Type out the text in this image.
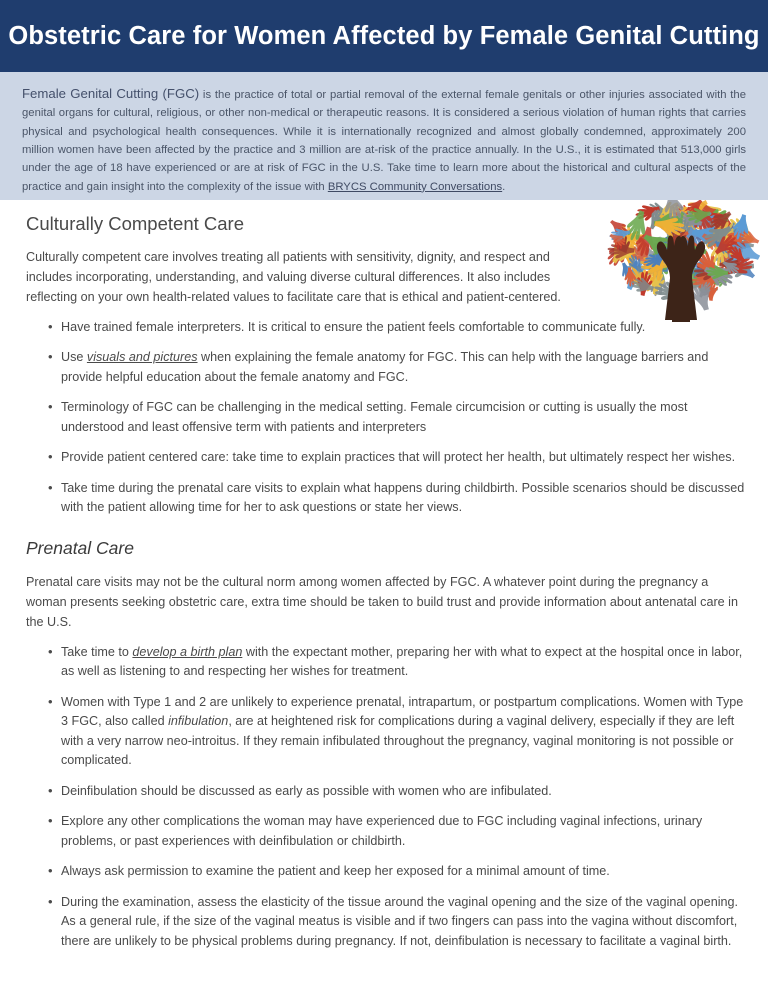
Obstetric Care for Women Affected by Female Genital Cutting

Female Genital Cutting (FGC) is the practice of total or partial removal of the external female genitals or other injuries associated with the genital organs for cultural, religious, or other non-medical or therapeutic reasons. It is considered a serious violation of human rights that carries physical and psychological health consequences. While it is internationally recognized and almost globally condemned, approximately 200 million women have been affected by the practice and 3 million are at-risk of the practice annually. In the U.S., it is estimated that 513,000 girls under the age of 18 have experienced or are at risk of FGC in the U.S. Take time to learn more about the historical and cultural aspects of the practice and gain insight into the complexity of the issue with BRYCS Community Conversations.

Culturally Competent Care

Culturally competent care involves treating all patients with sensitivity, dignity, and respect and includes incorporating, understanding, and valuing diverse cultural differences. It also includes reflecting on your own health-related values to facilitate care that is ethical and patient-centered.

• Have trained female interpreters. It is critical to ensure the patient feels comfortable to communicate fully.
• Use visuals and pictures when explaining the female anatomy for FGC. This can help with the language barriers and provide helpful education about the female anatomy and FGC.
• Terminology of FGC can be challenging in the medical setting. Female circumcision or cutting is usually the most understood and least offensive term with patients and interpreters
• Provide patient centered care: take time to explain practices that will protect her health, but ultimately respect her wishes.
• Take time during the prenatal care visits to explain what happens during childbirth. Possible scenarios should be discussed with the patient allowing time for her to ask questions or state her views.
Prenatal Care

Prenatal care visits may not be the cultural norm among women affected by FGC. A whatever point during the pregnancy a woman presents seeking obstetric care, extra time should be taken to build trust and provide information about antenatal care in the U.S.

• Take time to develop a birth plan with the expectant mother, preparing her with what to expect at the hospital once in labor, as well as listening to and respecting her wishes for treatment.
• Women with Type 1 and 2 are unlikely to experience prenatal, intrapartum, or postpartum complications. Women with Type 3 FGC, also called infibulation, are at heightened risk for complications during a vaginal delivery, especially if they are left with a very narrow neo-introitus. If they remain infibulated throughout the pregnancy, vaginal monitoring is not possible or complicated.
• Deinfibulation should be discussed as early as possible with women who are infibulated.
• Explore any other complications the woman may have experienced due to FGC including vaginal infections, urinary problems, or past experiences with deinfibulation or childbirth.
• Always ask permission to examine the patient and keep her exposed for a minimal amount of time.
• During the examination, assess the elasticity of the tissue around the vaginal opening and the size of the vaginal opening. As a general rule, if the size of the vaginal meatus is visible and if two fingers can pass into the vagina without discomfort, there are unlikely to be physical problems during pregnancy. If not, deinfibulation is necessary to facilitate a vaginal birth.
